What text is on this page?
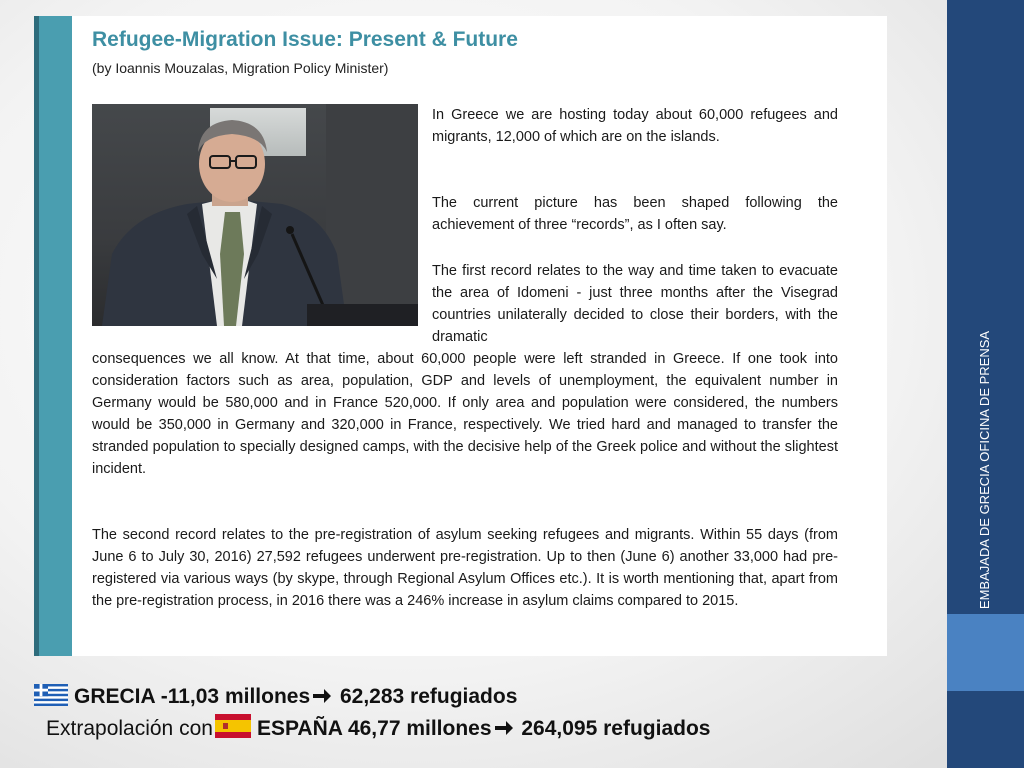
EMBAJADA DE GRECIA OFICINA DE PRENSA
Refugee-Migration Issue: Present & Future
(by Ioannis Mouzalas, Migration Policy Minister)

In Greece we are hosting today about 60,000 refugees and migrants, 12,000 of which are on the islands.

The current picture has been shaped following the achievement of three “records”, as I often say.

The first record relates to the way and time taken to evacuate the area of Idomeni - just three months after the Visegrad countries unilaterally decided to close their borders, with the dramatic

consequences we all know. At that time, about 60,000 people were left stranded in Greece. If one took into consideration factors such as area, population, GDP and levels of unemployment, the equivalent number in Germany would be 580,000 and in France 520,000. If only area and population were considered, the numbers would be 350,000 in Germany and 320,000 in France, respectively. We tried hard and managed to transfer the stranded population to specially designed camps, with the decisive help of the Greek police and without the slightest incident.

The second record relates to the pre-registration of asylum seeking refugees and migrants. Within 55 days (from June 6 to July 30, 2016) 27,592 refugees underwent pre-registration. Up to then (June 6) another 33,000 had pre-registered via various ways (by skype, through Regional Asylum Offices etc.). It is worth mentioning that, apart from the pre-registration process, in 2016 there was a 246% increase in asylum claims compared to 2015.

GRECIA -11,03 millones 62,283 refugiados
Extrapolación con ESPAÑA 46,77 millones 264,095 refugiados
